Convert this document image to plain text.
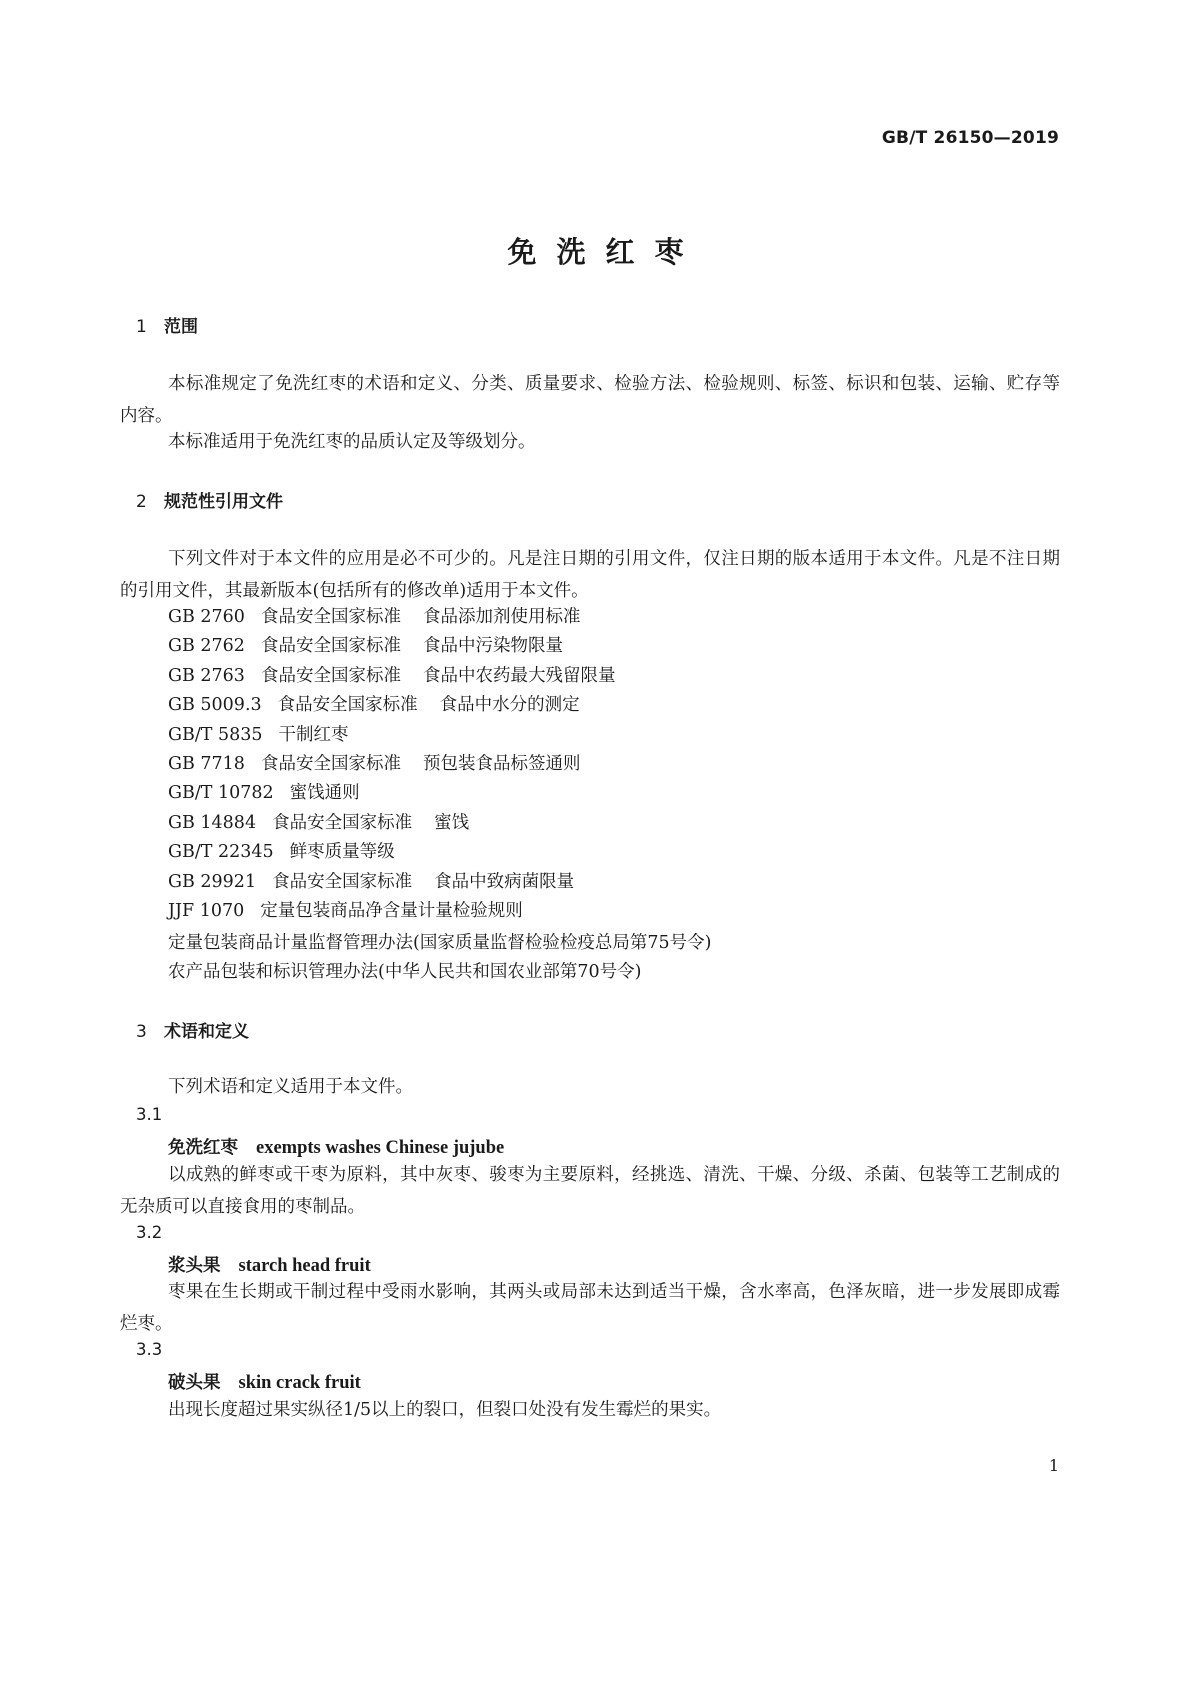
GB/T 26150—2019
免洗红枣
1 范围
本标准规定了免洗红枣的术语和定义、分类、质量要求、检验方法、检验规则、标签、标识和包装、运输、贮存等内容。
本标准适用于免洗红枣的品质认定及等级划分。
2 规范性引用文件
下列文件对于本文件的应用是必不可少的。凡是注日期的引用文件，仅注日期的版本适用于本文件。凡是不注日期的引用文件，其最新版本(包括所有的修改单)适用于本文件。
GB 2760 食品安全国家标准 食品添加剂使用标准
GB 2762 食品安全国家标准 食品中污染物限量
GB 2763 食品安全国家标准 食品中农药最大残留限量
GB 5009.3 食品安全国家标准 食品中水分的测定
GB/T 5835 干制红枣
GB 7718 食品安全国家标准 预包装食品标签通则
GB/T 10782 蜜饯通则
GB 14884 食品安全国家标准 蜜饯
GB/T 22345 鲜枣质量等级
GB 29921 食品安全国家标准 食品中致病菌限量
JJF 1070 定量包装商品净含量计量检验规则
定量包装商品计量监督管理办法(国家质量监督检验检疫总局第75号令)
农产品包装和标识管理办法(中华人民共和国农业部第70号令)
3 术语和定义
下列术语和定义适用于本文件。
3.1
免洗红枣 exempts washes Chinese jujube
以成熟的鲜枣或干枣为原料，其中灰枣、骏枣为主要原料，经挑选、清洗、干燥、分级、杀菌、包装等工艺制成的无杂质可以直接食用的枣制品。
3.2
浆头果 starch head fruit
枣果在生长期或干制过程中受雨水影响，其两头或局部未达到适当干燥，含水率高，色泽灰暗，进一步发展即成霉烂枣。
3.3
破头果 skin crack fruit
出现长度超过果实纵径1/5以上的裂口，但裂口处没有发生霉烂的果实。
1
